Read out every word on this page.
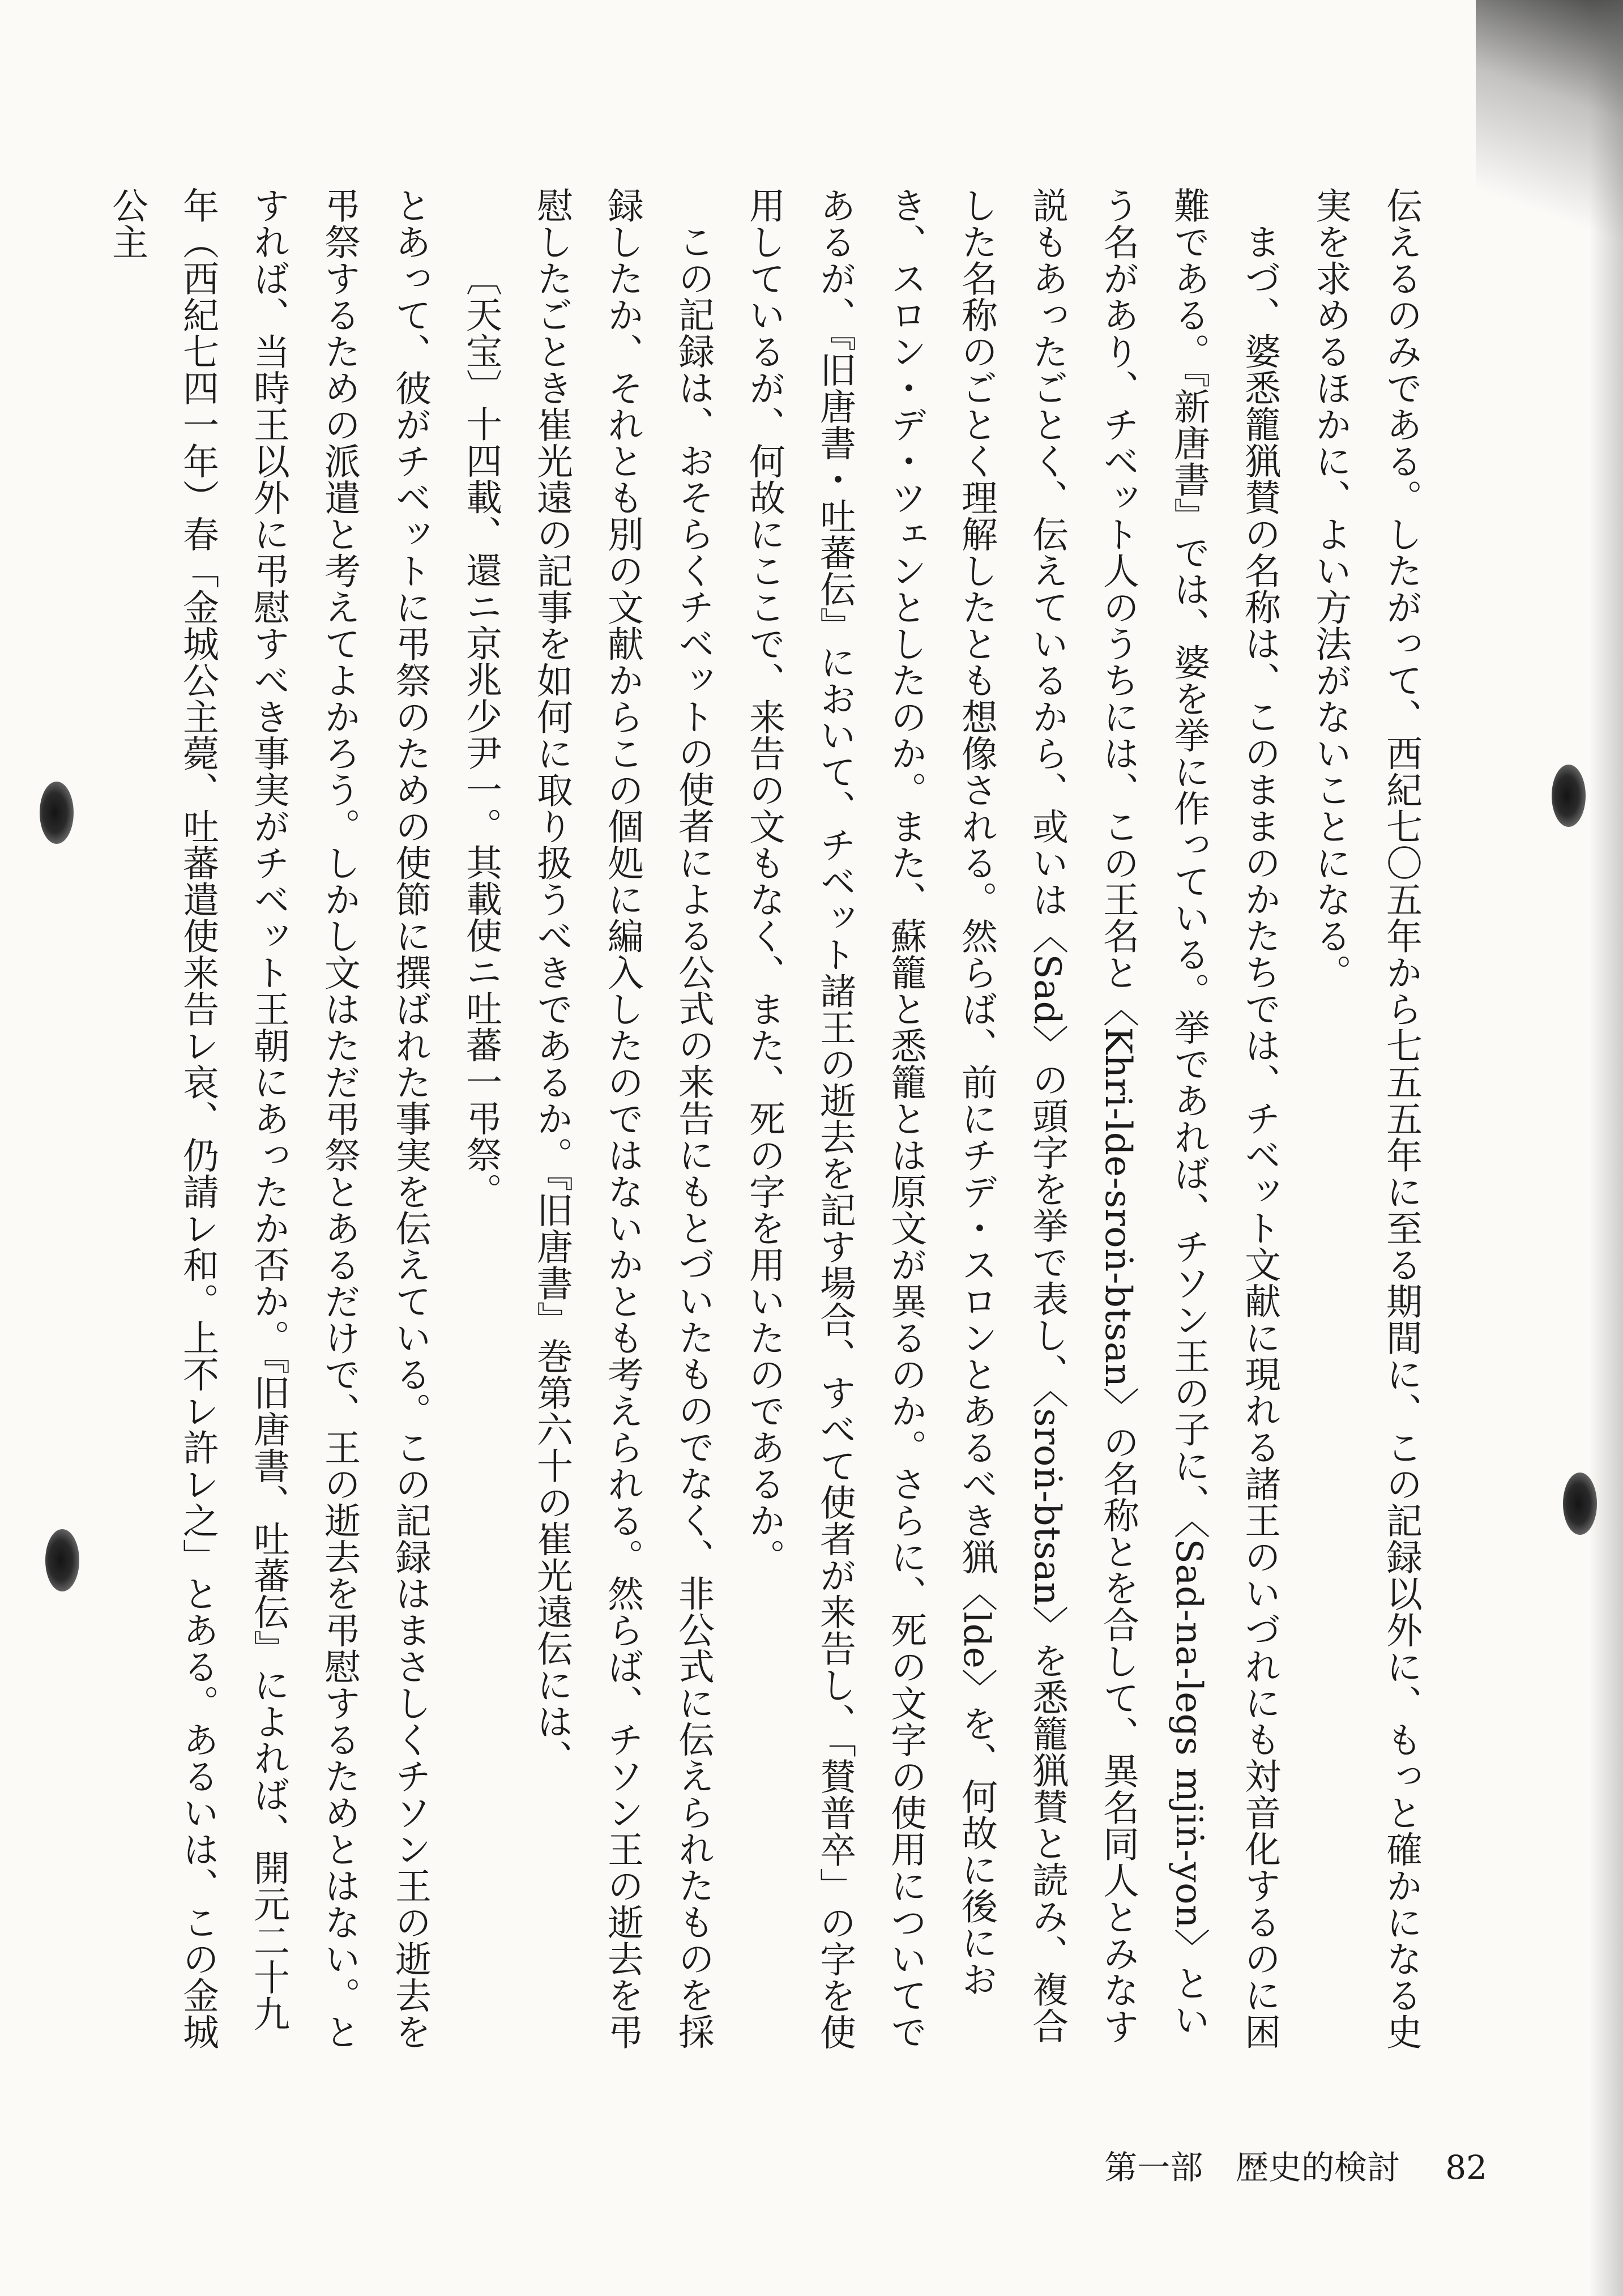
伝えるのみである。したがって、西紀七〇五年から七五五年に至る期間に、この記録以外に、もっと確かになる史実を求めるほかに、よい方法がないことになる。

まづ、婆悉籠猟賛の名称は、このままのかたちでは、チベット文献に現れる諸王のいづれにも対音化するのに困難である。『新唐書』では、婆を挙に作っている。挙であれば、チソン王の子に、〈Sad-na-legs mjiṅ-yon〉という名があり、チベット人のうちには、この王名と〈Khri-lde-sroṅ-btsan〉の名称とを合して、異名同人とみなす説もあったごとく、伝えているから、或いは〈Sad〉の頭字を挙で表し、〈sroṅ-btsan〉を悉籠猟賛と読み、複合した名称のごとく理解したとも想像される。然らば、前にチデ・スロンとあるべき猟〈lde〉を、何故に後におき、スロン・デ・ツェンとしたのか。また、蘇籠と悉籠とは原文が異るのか。さらに、死の文字の使用についてであるが、『旧唐書・吐蕃伝』において、チベット諸王の逝去を記す場合、すべて使者が来告し、「賛普卒」の字を使用しているが、何故にここで、来告の文もなく、また、死の字を用いたのであるか。

この記録は、おそらくチベットの使者による公式の来告にもとづいたものでなく、非公式に伝えられたものを採録したか、それとも別の文献からこの個処に編入したのではないかとも考えられる。然らば、チソン王の逝去を弔慰したごとき崔光遠の記事を如何に取り扱うべきであるか。『旧唐書』巻第六十の崔光遠伝には、

〔天宝〕十四載、還ニ京兆少尹一。其載使ニ吐蕃一弔祭。

とあって、彼がチベットに弔祭のための使節に撰ばれた事実を伝えている。この記録はまさしくチソン王の逝去を弔祭するための派遣と考えてよかろう。しかし文はただ弔祭とあるだけで、王の逝去を弔慰するためとはない。とすれば、当時王以外に弔慰すべき事実がチベット王朝にあったか否か。『旧唐書、吐蕃伝』によれば、開元二十九年（西紀七四一年）春「金城公主薨、吐蕃遣使来告レ哀、仍請レ和。上不レ許レ之」とある。あるいは、この金城公主

第一部　歴史的検討 82
